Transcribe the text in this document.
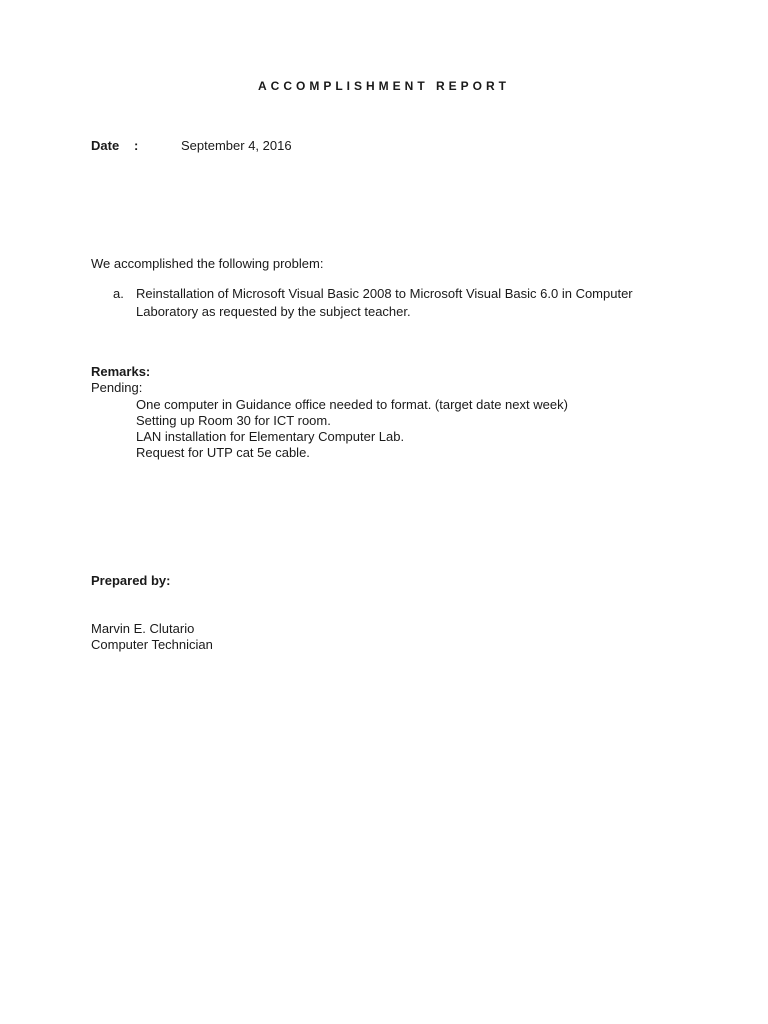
ACCOMPLISHMENT REPORT
Date	:	September 4, 2016
We accomplished the following problem:
a. Reinstallation of Microsoft Visual Basic 2008 to Microsoft Visual Basic 6.0 in Computer Laboratory as requested by the subject teacher.
Remarks:
Pending:
One computer in Guidance office needed to format. (target date next week)
Setting up Room 30 for ICT room.
LAN installation for Elementary Computer Lab.
Request for UTP cat 5e cable.
Prepared by:
Marvin E. Clutario
Computer Technician
